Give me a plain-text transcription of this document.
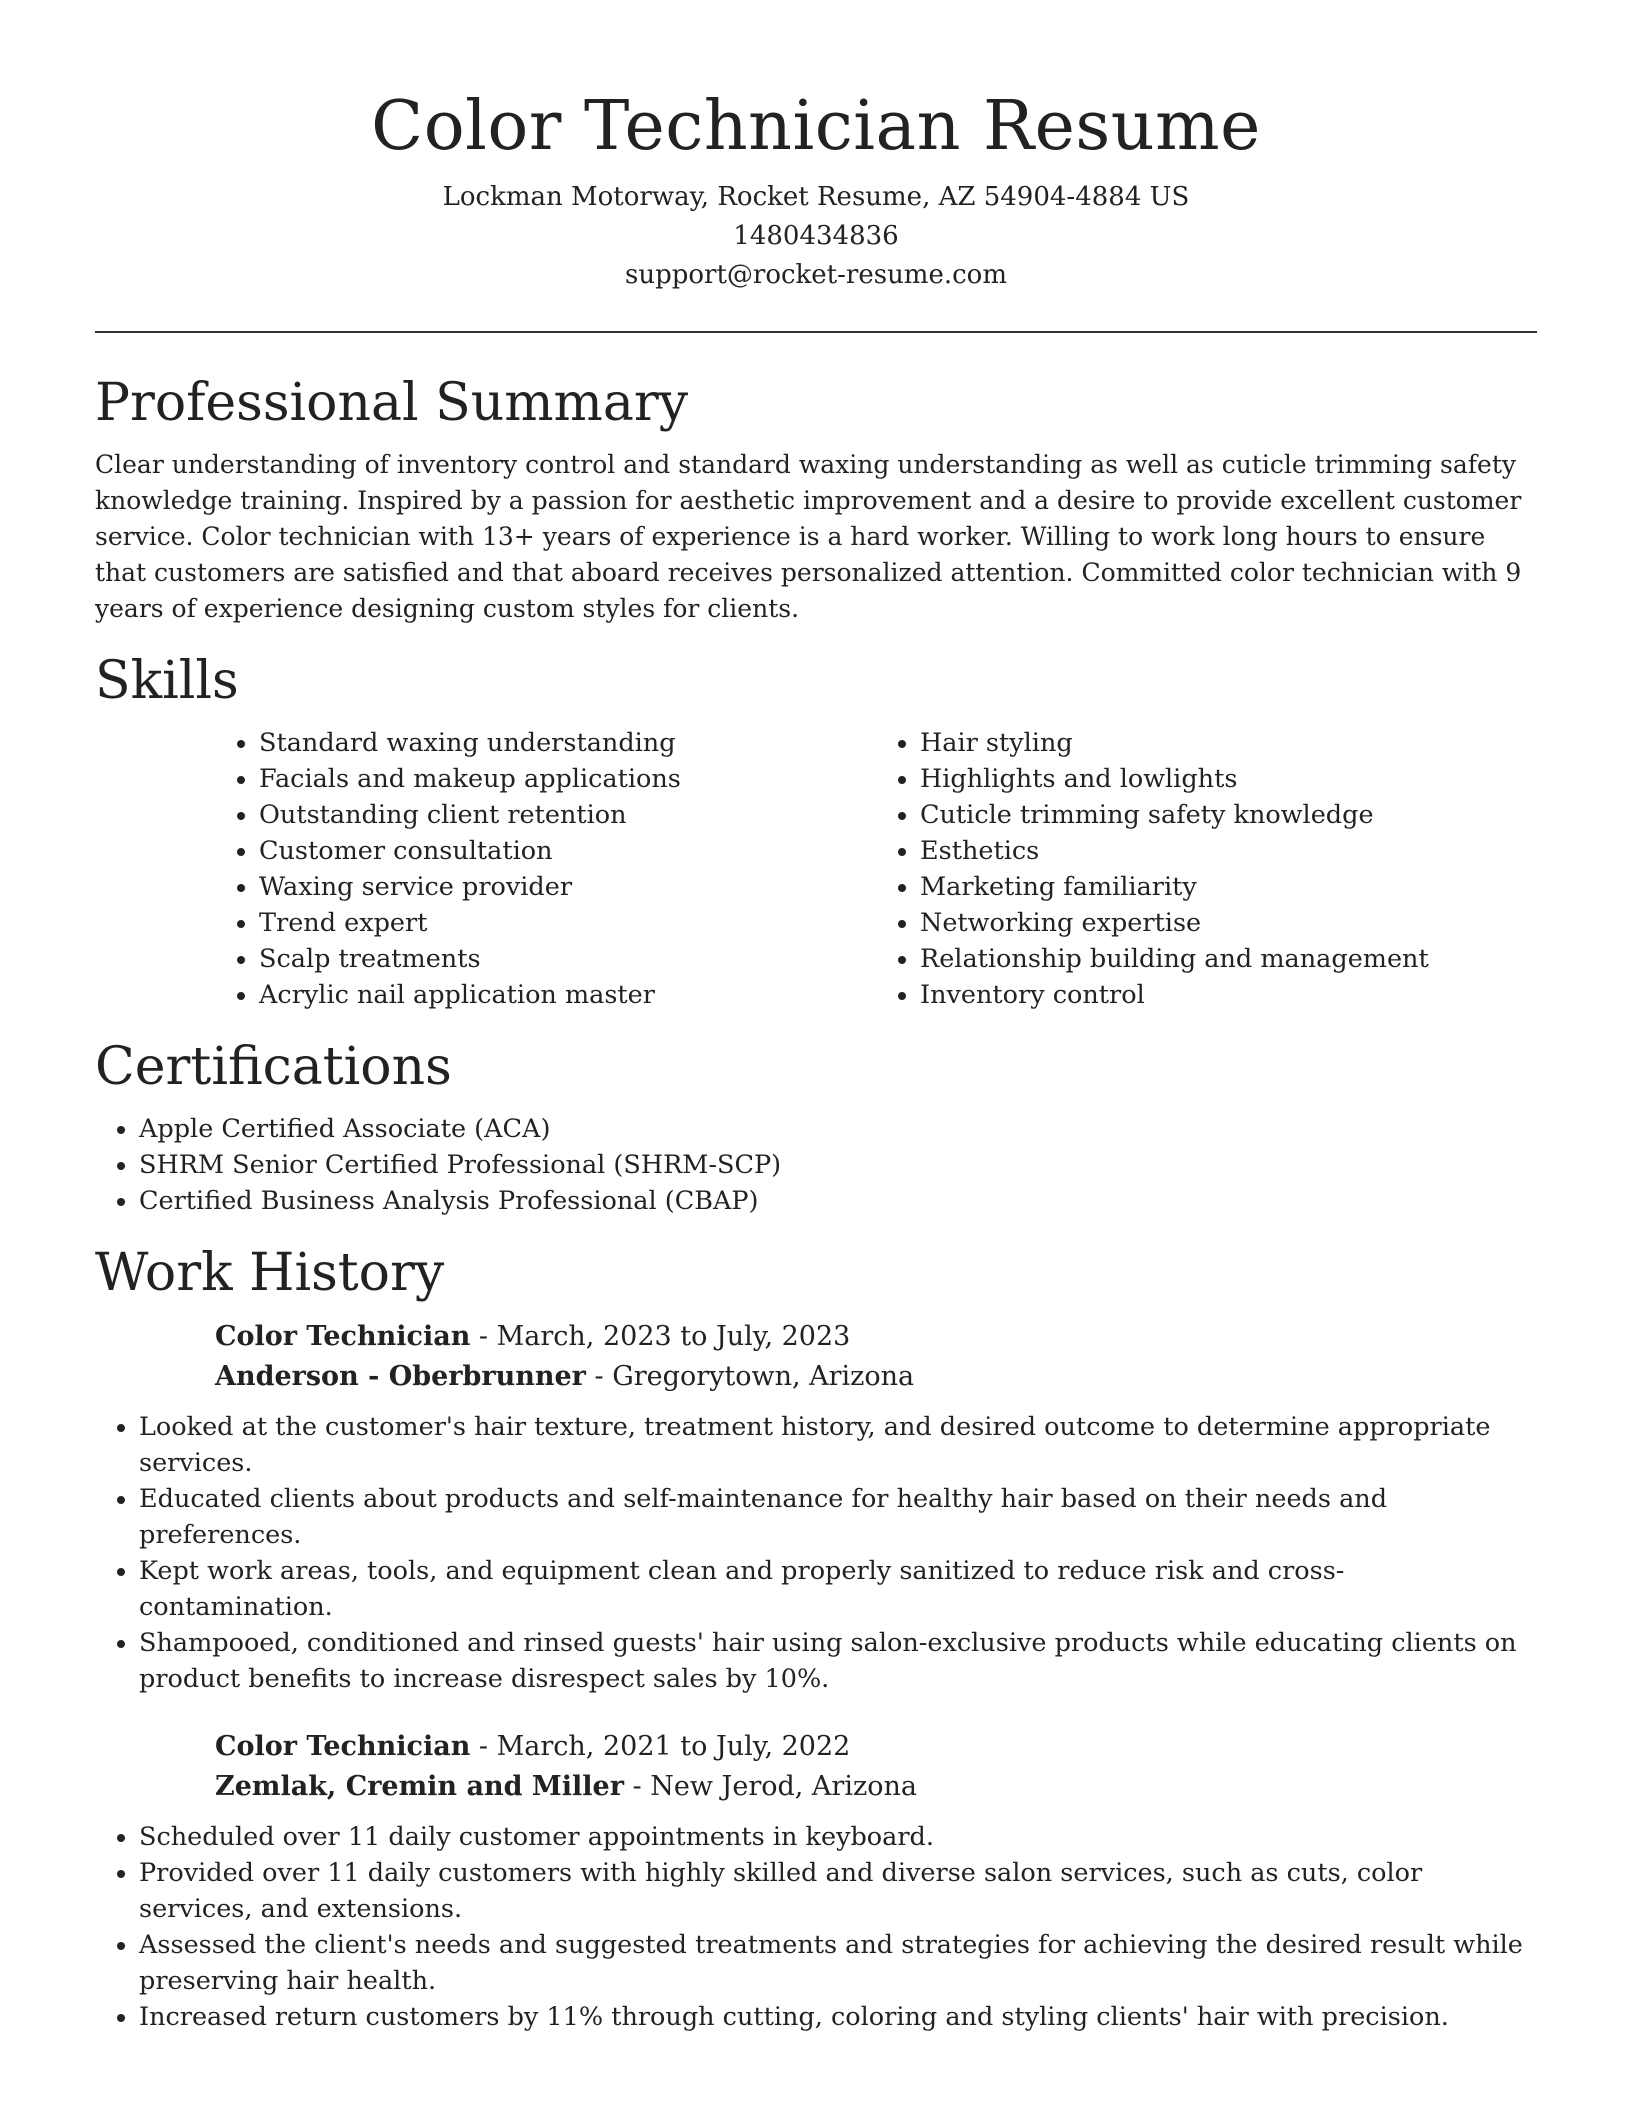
Color Technician Resume
Lockman Motorway, Rocket Resume, AZ 54904-4884 US
1480434836
support@rocket-resume.com
Professional Summary

Clear understanding of inventory control and standard waxing understanding as well as cuticle trimming safety knowledge training. Inspired by a passion for aesthetic improvement and a desire to provide excellent customer service. Color technician with 13+ years of experience is a hard worker. Willing to work long hours to ensure that customers are satisfied and that aboard receives personalized attention. Committed color technician with 9 years of experience designing custom styles for clients.

Skills
• Standard waxing understanding
• Facials and makeup applications
• Outstanding client retention
• Customer consultation
• Waxing service provider
• Trend expert
• Scalp treatments
• Acrylic nail application master
• Hair styling
• Highlights and lowlights
• Cuticle trimming safety knowledge
• Esthetics
• Marketing familiarity
• Networking expertise
• Relationship building and management
• Inventory control
Certifications
• Apple Certified Associate (ACA)
• SHRM Senior Certified Professional (SHRM-SCP)
• Certified Business Analysis Professional (CBAP)
Work History
Color Technician - March, 2023 to July, 2023
Anderson - Oberbrunner - Gregorytown, Arizona
• Looked at the customer's hair texture, treatment history, and desired outcome to determine appropriate services.
• Educated clients about products and self-maintenance for healthy hair based on their needs and preferences.
• Kept work areas, tools, and equipment clean and properly sanitized to reduce risk and cross-contamination.
• Shampooed, conditioned and rinsed guests' hair using salon-exclusive products while educating clients on product benefits to increase disrespect sales by 10%.
Color Technician - March, 2021 to July, 2022
Zemlak, Cremin and Miller - New Jerod, Arizona
• Scheduled over 11 daily customer appointments in keyboard.
• Provided over 11 daily customers with highly skilled and diverse salon services, such as cuts, color services, and extensions.
• Assessed the client's needs and suggested treatments and strategies for achieving the desired result while preserving hair health.
• Increased return customers by 11% through cutting, coloring and styling clients' hair with precision.
